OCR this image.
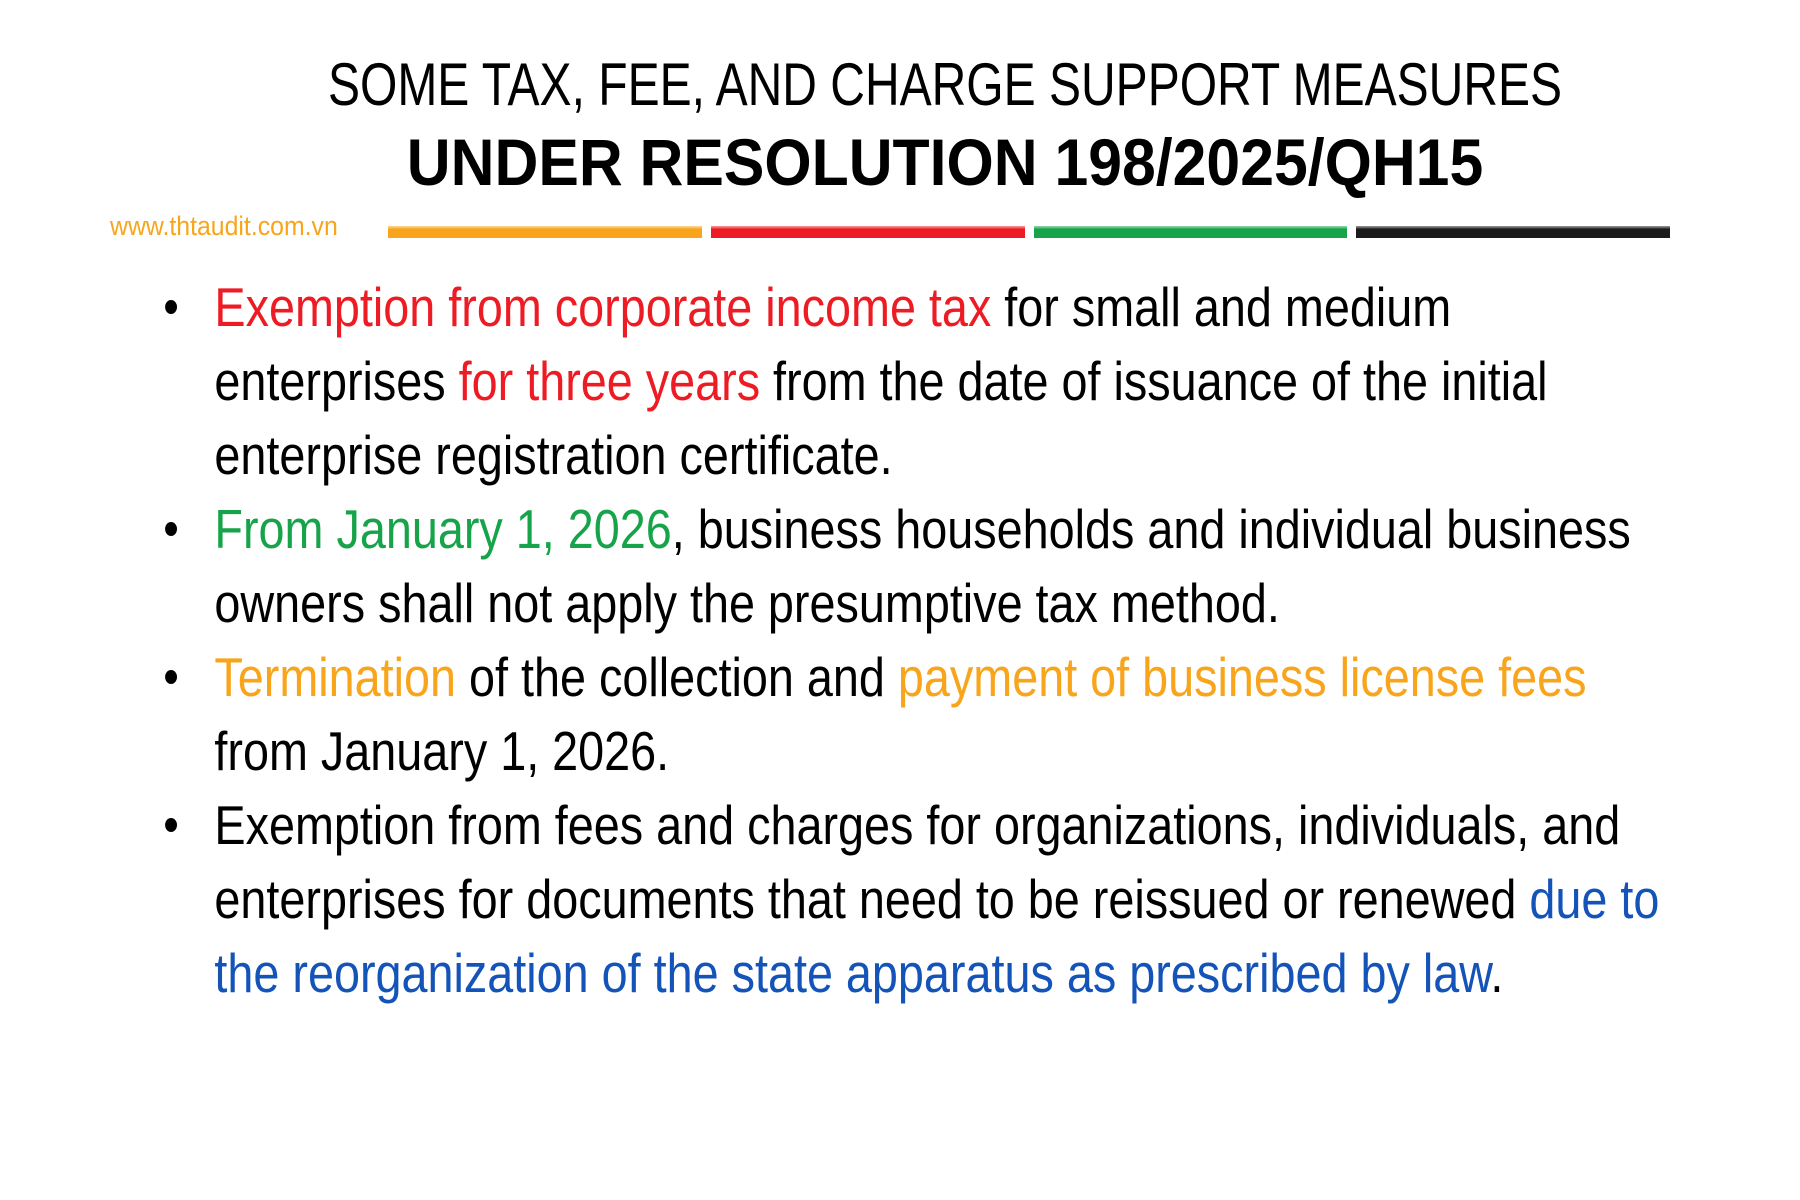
SOME TAX, FEE, AND CHARGE SUPPORT MEASURES
UNDER RESOLUTION 198/2025/QH15
www.thtaudit.com.vn
Exemption from corporate income tax for small and medium enterprises for three years from the date of issuance of the initial enterprise registration certificate.
From January 1, 2026, business households and individual business owners shall not apply the presumptive tax method.
Termination of the collection and payment of business license fees from January 1, 2026.
Exemption from fees and charges for organizations, individuals, and enterprises for documents that need to be reissued or renewed due to the reorganization of the state apparatus as prescribed by law.
